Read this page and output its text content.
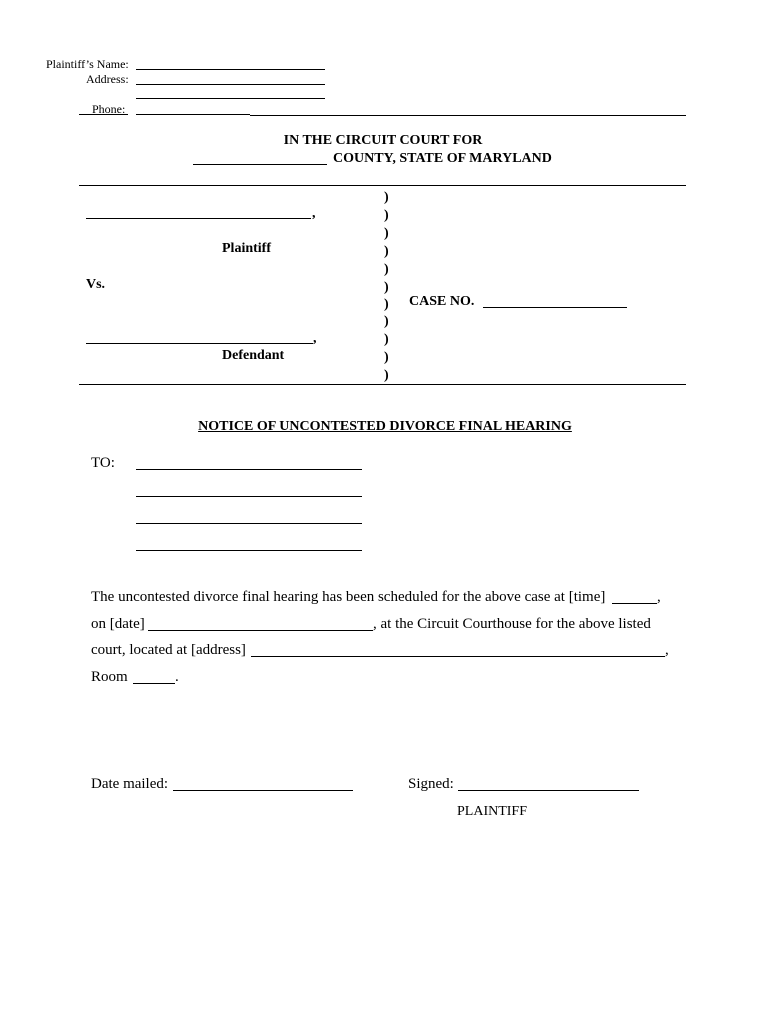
Plaintiff’s Name:
Address:
Phone:
IN THE CIRCUIT COURT FOR
COUNTY, STATE OF MARYLAND
,
Plaintiff
Vs.
,
Defendant
)
)
)
)
)
)
)
)
)
)
)
CASE NO.
NOTICE OF UNCONTESTED DIVORCE FINAL HEARING
TO:
The uncontested divorce final hearing has been scheduled for the above case at [time]	,
on [date]	, at the Circuit Courthouse for the above listed
court, located at [address]	,
Room	.
Date mailed:	Signed:
PLAINTIFF
